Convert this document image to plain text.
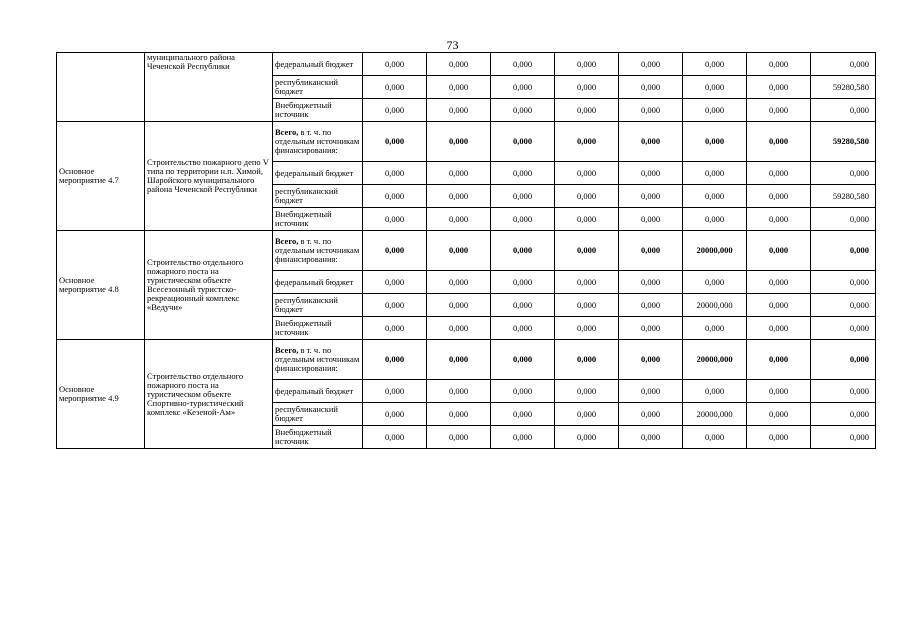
73
	муниципального района Чеченской Республики	федеральный бюджет	0,000	0,000	0,000	0,000	0,000	0,000	0,000	0,000
		республиканский бюджет	0,000	0,000	0,000	0,000	0,000	0,000	0,000	59280,580
		Внебюджетный источник	0,000	0,000	0,000	0,000	0,000	0,000	0,000	0,000
Основное мероприятие 4.7	Строительство пожарного депо V типа по территории н.п. Химой, Шаройского муниципального района Чеченской Республики	Всего, в т. ч. по отдельным источникам финансирования:	0,000	0,000	0,000	0,000	0,000	0,000	0,000	59280,580
		федеральный бюджет	0,000	0,000	0,000	0,000	0,000	0,000	0,000	0,000
		республиканский бюджет	0,000	0,000	0,000	0,000	0,000	0,000	0,000	59280,580
		Внебюджетный источник	0,000	0,000	0,000	0,000	0,000	0,000	0,000	0,000
Основное мероприятие 4.8	Строительство отдельного пожарного поста на туристическом объекте Всесезонный туристско-рекреационный комплекс «Ведучи»	Всего, в т. ч. по отдельным источникам финансирования:	0,000	0,000	0,000	0,000	0,000	20000,000	0,000	0,000
		федеральный бюджет	0,000	0,000	0,000	0,000	0,000	0,000	0,000	0,000
		республиканский бюджет	0,000	0,000	0,000	0,000	0,000	20000,000	0,000	0,000
		Внебюджетный источник	0,000	0,000	0,000	0,000	0,000	0,000	0,000	0,000
Основное мероприятие 4.9	Строительство отдельного пожарного поста на туристическом объекте Спортивно-туристический комплекс «Кезеной-Ам»	Всего, в т. ч. по отдельным источникам финансирования:	0,000	0,000	0,000	0,000	0,000	20000,000	0,000	0,000
		федеральный бюджет	0,000	0,000	0,000	0,000	0,000	0,000	0,000	0,000
		республиканский бюджет	0,000	0,000	0,000	0,000	0,000	20000,000	0,000	0,000
		Внебюджетный источник	0,000	0,000	0,000	0,000	0,000	0,000	0,000	0,000
